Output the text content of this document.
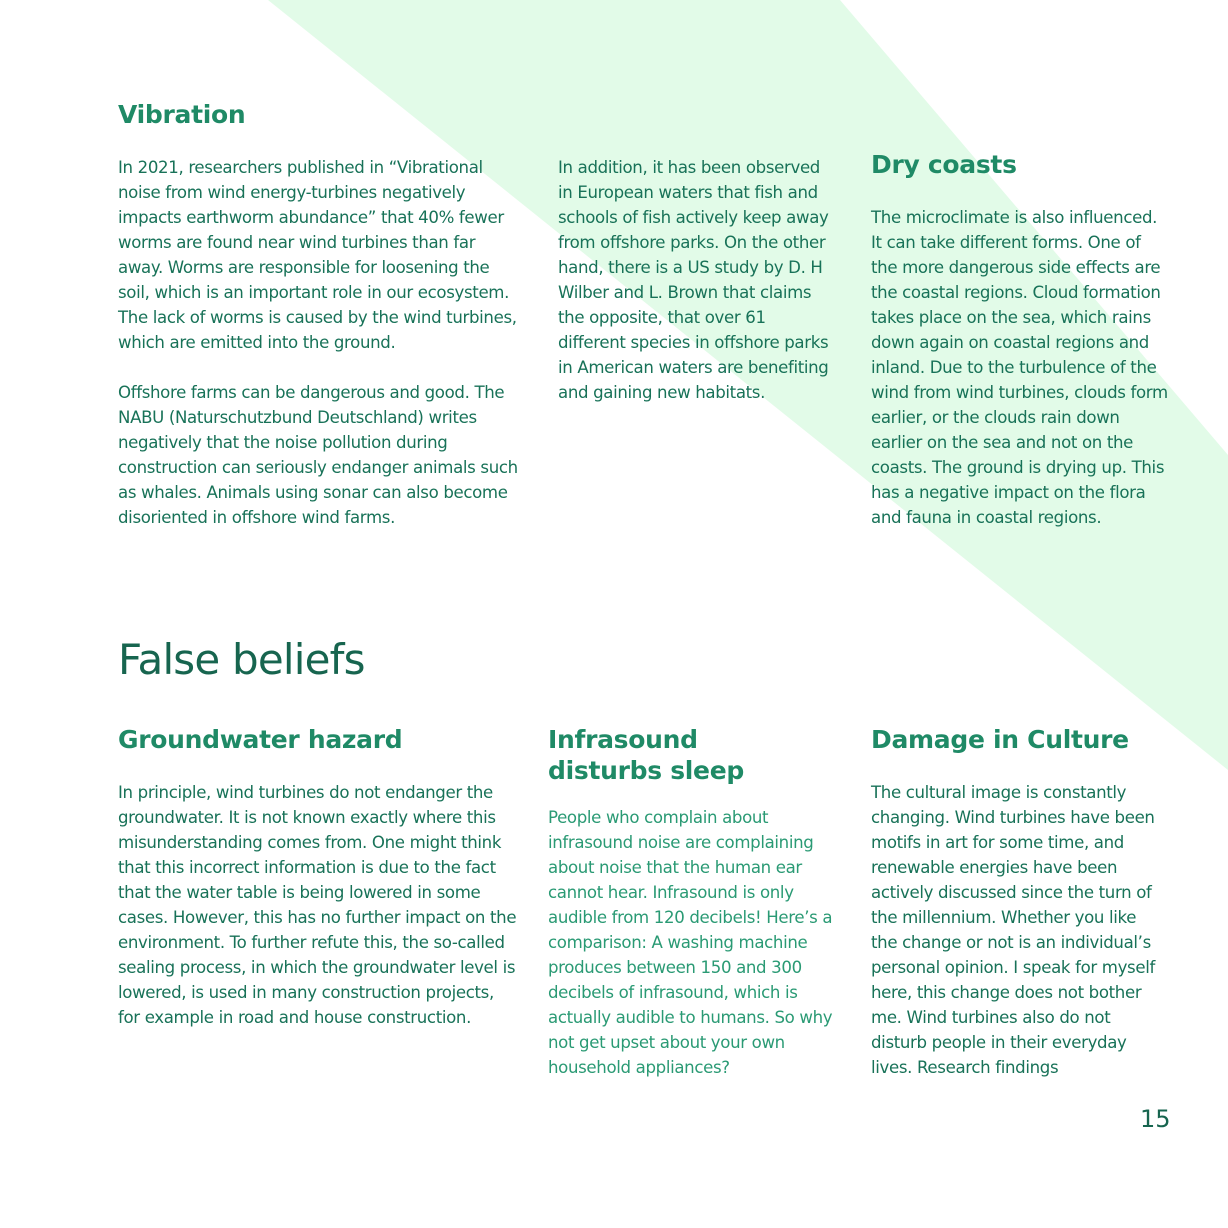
Vibration

In 2021, researchers published in “Vibrational noise from wind energy-turbines negatively impacts earthworm abundance” that 40% fewer worms are found near wind turbines than far away. Worms are responsible for loosening the soil, which is an important role in our ecosystem. The lack of worms is caused by the wind turbines, which are emitted into the ground.

Offshore farms can be dangerous and good. The NABU (Naturschutzbund Deutschland) writes negatively that the noise pollution during construction can seriously endanger animals such as whales. Animals using sonar can also become disoriented in offshore wind farms.

In addition, it has been observed in European waters that fish and schools of fish actively keep away from offshore parks. On the other hand, there is a US study by D. H Wilber and L. Brown that claims the opposite, that over 61 different species in offshore parks in American waters are benefiting and gaining new habitats.

Dry coasts

The microclimate is also influenced. It can take different forms. One of the more dangerous side effects are the coastal regions. Cloud formation takes place on the sea, which rains down again on coastal regions and inland. Due to the turbulence of the wind from wind turbines, clouds form earlier, or the clouds rain down earlier on the sea and not on the coasts. The ground is drying up. This has a negative impact on the flora and fauna in coastal regions.

False beliefs
Groundwater hazard

In principle, wind turbines do not endanger the groundwater. It is not known exactly where this misunderstanding comes from. One might think that this incorrect information is due to the fact that the water table is being lowered in some cases. However, this has no further impact on the environment. To further refute this, the so-called sealing process, in which the groundwater level is lowered, is used in many construction projects, for example in road and house construction.

Infrasound
disturbs sleep

People who complain about infrasound noise are complaining about noise that the human ear cannot hear. Infrasound is only audible from 120 decibels! Here’s a comparison: A washing machine produces between 150 and 300 decibels of infrasound, which is actually audible to humans. So why not get upset about your own household appliances?

Damage in Culture

The cultural image is constantly changing. Wind turbines have been motifs in art for some time, and renewable energies have been actively discussed since the turn of the millennium. Whether you like the change or not is an individual’s personal opinion. I speak for myself here, this change does not bother me. Wind turbines also do not disturb people in their everyday lives. Research findings

15
